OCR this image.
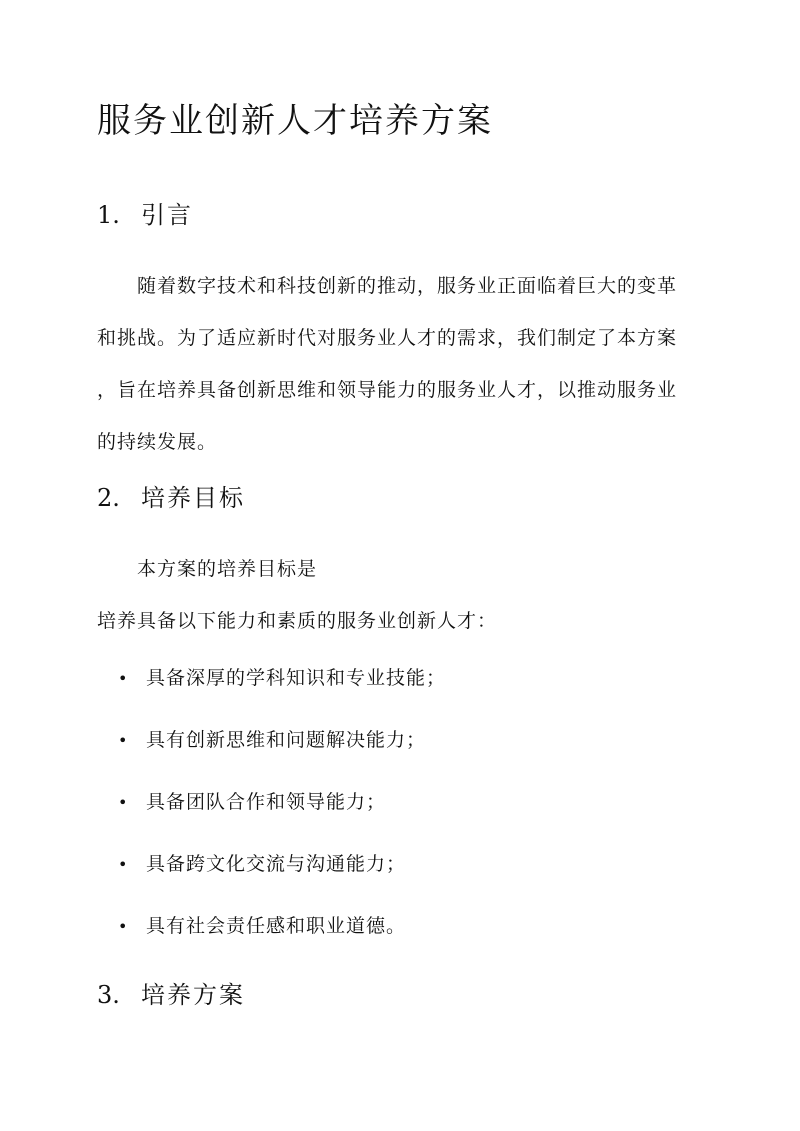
服务业创新人才培养方案
1. 引言
随着数字技术和科技创新的推动，服务业正面临着巨大的变革
和挑战。为了适应新时代对服务业人才的需求，我们制定了本方案
，旨在培养具备创新思维和领导能力的服务业人才，以推动服务业
的持续发展。
2. 培养目标
本方案的培养目标是
培养具备以下能力和素质的服务业创新人才：
• 具备深厚的学科知识和专业技能；
• 具有创新思维和问题解决能力；
• 具备团队合作和领导能力；
• 具备跨文化交流与沟通能力；
• 具有社会责任感和职业道德。
3. 培养方案
